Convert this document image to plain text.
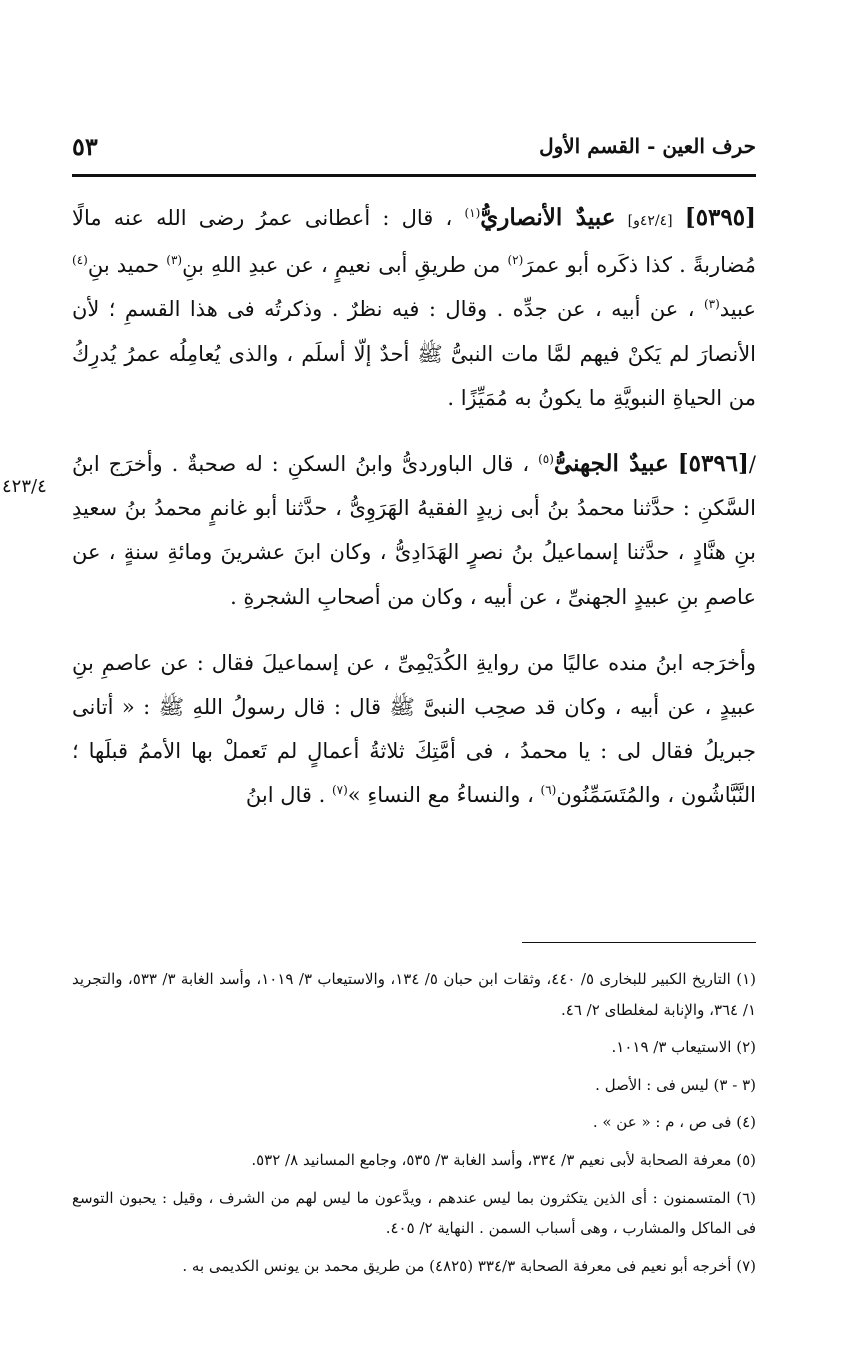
٥٣	حرف العين - القسم الأول
٤٢٣/٤

[٥٣٩٥] [٤٢/٤و] عبيدٌ الأنصاريُّ$^{(١)}$ ، قال : أعطانى عمرُ رضى الله عنه مالًا مُضاربةً . كذا ذكَره أبو عمرَ$^{(٢)}$ من طريقِ أبى نعيمٍ ، عن عبدِ اللهِ بنِ$^{(٣)}$ حميد بنِ$^{(٤)}$ عبيد$^{(٣)}$ ، عن أبيه ، عن جدِّه . وقال : فيه نظرٌ . وذكرتُه فى هذا القسمِ ؛ لأن الأنصارَ لم يَكنْ فيهم لمَّا مات النبىُّ ﷺ أحدٌ إلّا أسلَم ، والذى يُعامِلُه عمرُ يُدرِكُ من الحياةِ النبويَّةِ ما يكونُ به مُمَيِّزًا .

/[٥٣٩٦] عبيدٌ الجهنىُّ$^{(٥)}$ ، قال الباوردىُّ وابنُ السكنِ : له صحبةٌ . وأخرَج ابنُ السَّكنِ : حدَّثنا محمدُ بنُ أبى زيدٍ الفقيهُ الهَرَوِىُّ ، حدَّثنا أبو غانمٍ محمدُ بنُ سعيدِ بنِ هنَّادٍ ، حدَّثنا إسماعيلُ بنُ نصرٍ الهَدَادِىُّ ، وكان ابنَ عشرينَ ومائةِ سنةٍ ، عن عاصمِ بنِ عبيدٍ الجهنىِّ ، عن أبيه ، وكان من أصحابِ الشجرةِ .

وأخرَجه ابنُ منده عاليًا من روايةِ الكُدَيْمِىِّ ، عن إسماعيلَ فقال : عن عاصمِ بنِ عبيدٍ ، عن أبيه ، وكان قد صحِب النبىَّ ﷺ قال : قال رسولُ اللهِ ﷺ : « أتانى جبريلُ فقال لى : يا محمدُ ، فى أمَّتِكَ ثلاثةُ أعمالٍ لم تَعملْ بها الأممُ قبلَها ؛ النَّبَّاشُون ، والمُتَسَمِّنُون$^{(٦)}$ ، والنساءُ مع النساءِ »$^{(٧)}$ . قال ابنُ

(١) التاريخ الكبير للبخارى ٥/ ٤٤٠، وثقات ابن حبان ٥/ ١٣٤، والاستيعاب ٣/ ١٠١٩، وأسد الغابة ٣/ ٥٣٣، والتجريد ١/ ٣٦٤، والإنابة لمغلطاى ٢/ ٤٦.

(٢) الاستيعاب ٣/ ١٠١٩.

(٣ - ٣) ليس فى : الأصل .

(٤) فى ص ، م : « عن » .

(٥) معرفة الصحابة لأبى نعيم ٣/ ٣٣٤، وأسد الغابة ٣/ ٥٣٥، وجامع المسانيد ٨/ ٥٣٢.

(٦) المتسمنون : أى الذين يتكثرون بما ليس عندهم ، ويدَّعون ما ليس لهم من الشرف ، وقيل : يحبون التوسع فى الماكل والمشارب ، وهى أسباب السمن . النهاية ٢/ ٤٠٥.

(٧) أخرجه أبو نعيم فى معرفة الصحابة ٣٣٤/٣ (٤٨٢٥) من طريق محمد بن يونس الكديمى به .
